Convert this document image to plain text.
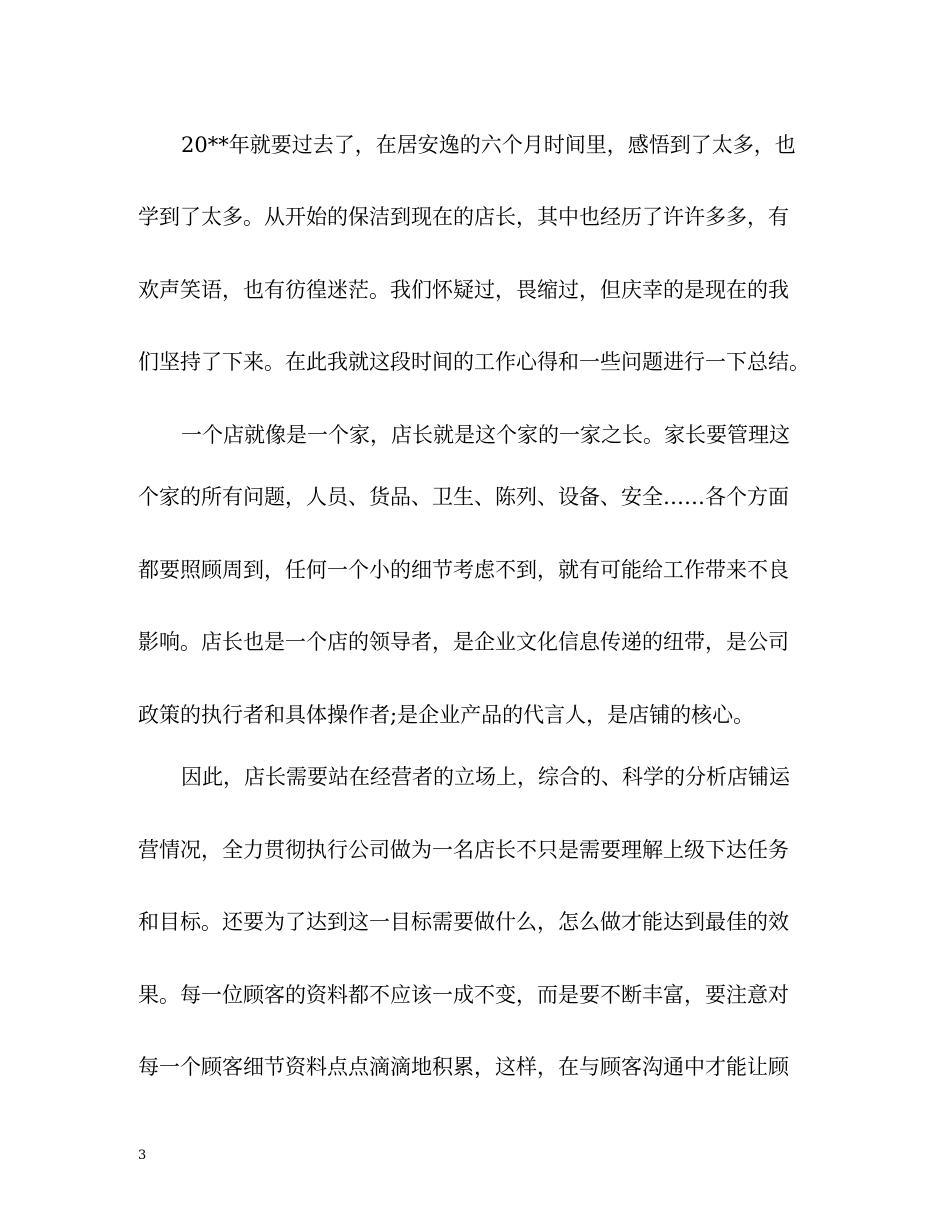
20**年就要过去了，在居安逸的六个月时间里，感悟到了太多，也
学到了太多。从开始的保洁到现在的店长，其中也经历了许许多多，有
欢声笑语，也有彷徨迷茫。我们怀疑过，畏缩过，但庆幸的是现在的我
们坚持了下来。在此我就这段时间的工作心得和一些问题进行一下总结。
一个店就像是一个家，店长就是这个家的一家之长。家长要管理这
个家的所有问题，人员、货品、卫生、陈列、设备、安全……各个方面
都要照顾周到，任何一个小的细节考虑不到，就有可能给工作带来不良
影响。店长也是一个店的领导者，是企业文化信息传递的纽带，是公司
政策的执行者和具体操作者;是企业产品的代言人，是店铺的核心。
因此，店长需要站在经营者的立场上，综合的、科学的分析店铺运
营情况，全力贯彻执行公司做为一名店长不只是需要理解上级下达任务
和目标。还要为了达到这一目标需要做什么，怎么做才能达到最佳的效
果。每一位顾客的资料都不应该一成不变，而是要不断丰富，要注意对
每一个顾客细节资料点点滴滴地积累，这样，在与顾客沟通中才能让顾
3
